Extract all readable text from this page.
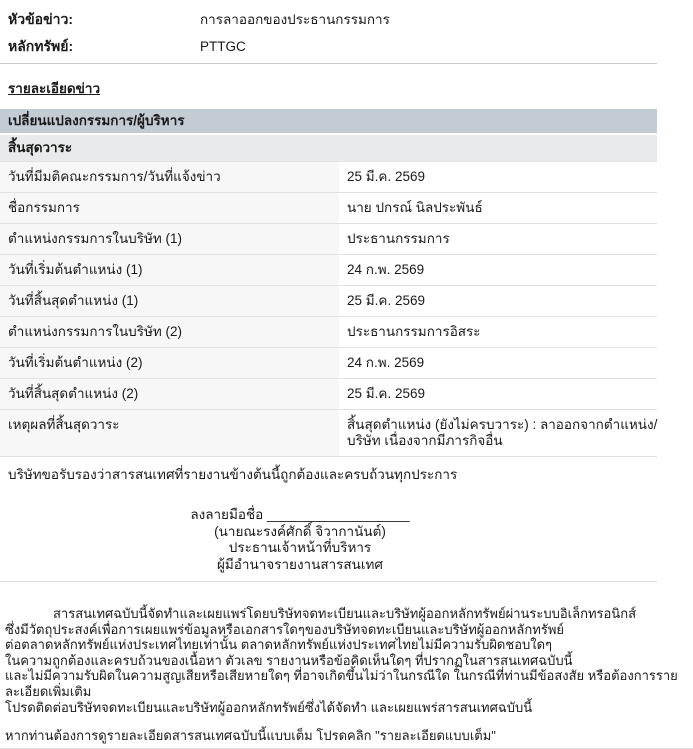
หัวข้อข่าว:	การลาออกของประธานกรรมการ
หลักทรัพย์:	PTTGC
รายละเอียดข่าว
เปลี่ยนแปลงกรรมการ/ผู้บริหาร
สิ้นสุดวาระ
วันที่มีมติคณะกรรมการ/วันที่แจ้งข่าว	25 มี.ค. 2569
ชื่อกรรมการ	นาย ปกรณ์ นิลประพันธ์
ตำแหน่งกรรมการในบริษัท (1)	ประธานกรรมการ
วันที่เริ่มต้นตำแหน่ง (1)	24 ก.พ. 2569
วันที่สิ้นสุดตำแหน่ง (1)	25 มี.ค. 2569
ตำแหน่งกรรมการในบริษัท (2)	ประธานกรรมการอิสระ
วันที่เริ่มต้นตำแหน่ง (2)	24 ก.พ. 2569
วันที่สิ้นสุดตำแหน่ง (2)	25 มี.ค. 2569
เหตุผลที่สิ้นสุดวาระ	สิ้นสุดตำแหน่ง (ยังไม่ครบวาระ) : ลาออกจากตำแหน่ง/บริษัท เนื่องจากมีภารกิจอื่น
บริษัทขอรับรองว่าสารสนเทศที่รายงานข้างต้นนี้ถูกต้องและครบถ้วนทุกประการ
ลงลายมือชื่อ ___________________
(นายณะรงค์ศักดิ์ จิวากานันต์)
ประธานเจ้าหน้าที่บริหาร
ผู้มีอำนาจรายงานสารสนเทศ
สารสนเทศฉบับนี้จัดทำและเผยแพร่โดยบริษัทจดทะเบียนและบริษัทผู้ออกหลักทรัพย์ผ่านระบบอิเล็กทรอนิกส์
ซึ่งมีวัตถุประสงค์เพื่อการเผยแพร่ข้อมูลหรือเอกสารใดๆของบริษัทจดทะเบียนและบริษัทผู้ออกหลักทรัพย์
ต่อตลาดหลักทรัพย์แห่งประเทศไทยเท่านั้น ตลาดหลักทรัพย์แห่งประเทศไทยไม่มีความรับผิดชอบใดๆ
ในความถูกต้องและครบถ้วนของเนื้อหา ตัวเลข รายงานหรือข้อคิดเห็นใดๆ ที่ปรากฏในสารสนเทศฉบับนี้
และไม่มีความรับผิดในความสูญเสียหรือเสียหายใดๆ ที่อาจเกิดขึ้นไม่ว่าในกรณีใด ในกรณีที่ท่านมีข้อสงสัย หรือต้องการรายละเอียดเพิ่มเติม
โปรดติดต่อบริษัทจดทะเบียนและบริษัทผู้ออกหลักทรัพย์ซึ่งได้จัดทำ และเผยแพร่สารสนเทศฉบับนี้
หากท่านต้องการดูรายละเอียดสารสนเทศฉบับนี้แบบเต็ม โปรดคลิก "รายละเอียดแบบเต็ม"
